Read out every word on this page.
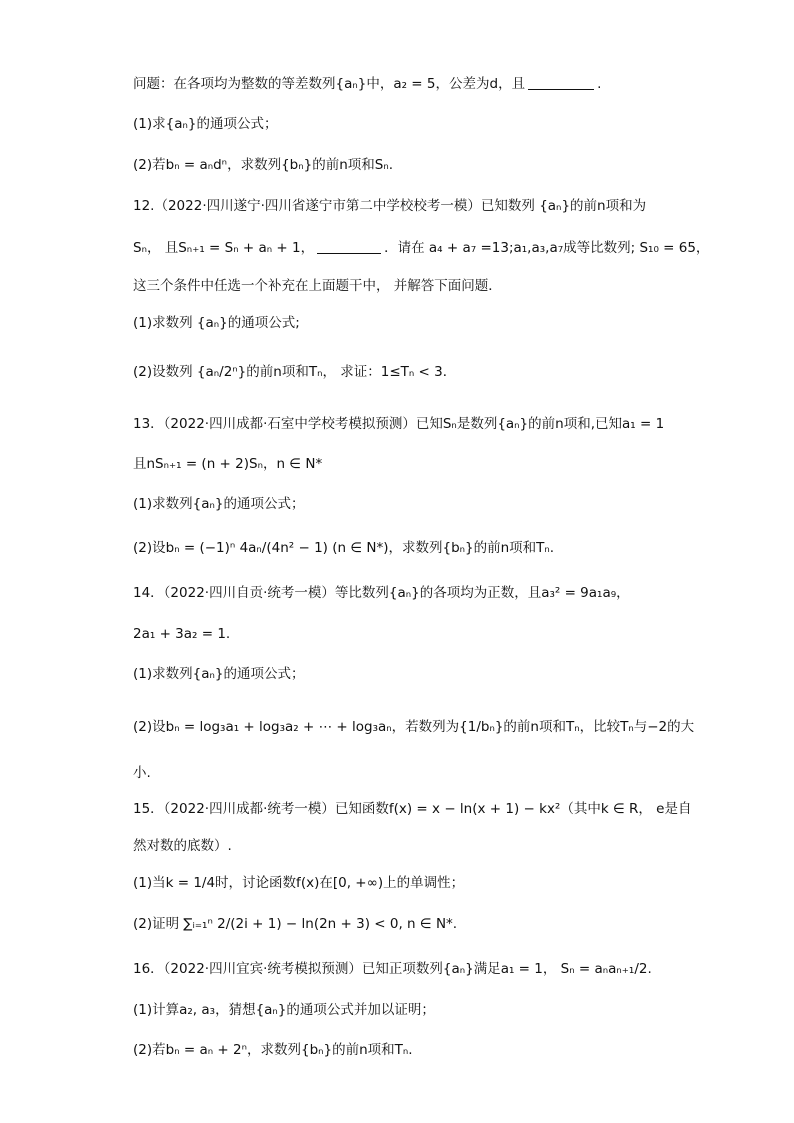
问题：在各项均为整数的等差数列{aₙ}中，a₂ = 5，公差为d，且	.
(1)求{aₙ}的通项公式；
(2)若bₙ = aₙdⁿ，求数列{bₙ}的前n项和Sₙ.
12.（2022·四川遂宁·四川省遂宁市第二中学校校考一模）已知数列 {aₙ}的前n项和为
Sₙ， 且Sₙ₊₁ = Sₙ + aₙ + 1，	．请在 a₄ + a₇ =13;a₁,a₃,a₇成等比数列; S₁₀ = 65，
这三个条件中任选一个补充在上面题干中， 并解答下面问题．
(1)求数列 {aₙ}的通项公式;
(2)设数列 {aₙ/2ⁿ}的前n项和Tₙ， 求证：1≤Tₙ < 3．
13．（2022·四川成都·石室中学校考模拟预测）已知Sₙ是数列{aₙ}的前n项和,已知a₁ = 1
且nSₙ₊₁ = (n + 2)Sₙ，n ∈ N*
(1)求数列{aₙ}的通项公式；
(2)设bₙ = (−1)ⁿ 4aₙ/(4n² − 1) (n ∈ N*)，求数列{bₙ}的前n项和Tₙ.
14．（2022·四川自贡·统考一模）等比数列{aₙ}的各项均为正数，且a₃² = 9a₁a₉，
2a₁ + 3a₂ = 1.
(1)求数列{aₙ}的通项公式；
(2)设bₙ = log₃a₁ + log₃a₂ + ⋯ + log₃aₙ，若数列为{1/bₙ}的前n项和Tₙ，比较Tₙ与−2的大
小.
15．（2022·四川成都·统考一模）已知函数f(x) = x − ln(x + 1) − kx²（其中k ∈ R， e是自
然对数的底数）.
(1)当k = 1/4时，讨论函数f(x)在[0, +∞)上的单调性；
(2)证明 ∑ᵢ₌₁ⁿ 2/(2i + 1) − ln(2n + 3) < 0, n ∈ N*.
16．（2022·四川宜宾·统考模拟预测）已知正项数列{aₙ}满足a₁ = 1， Sₙ = aₙaₙ₊₁/2.
(1)计算a₂, a₃，猜想{aₙ}的通项公式并加以证明；
(2)若bₙ = aₙ + 2ⁿ，求数列{bₙ}的前n项和Tₙ.
